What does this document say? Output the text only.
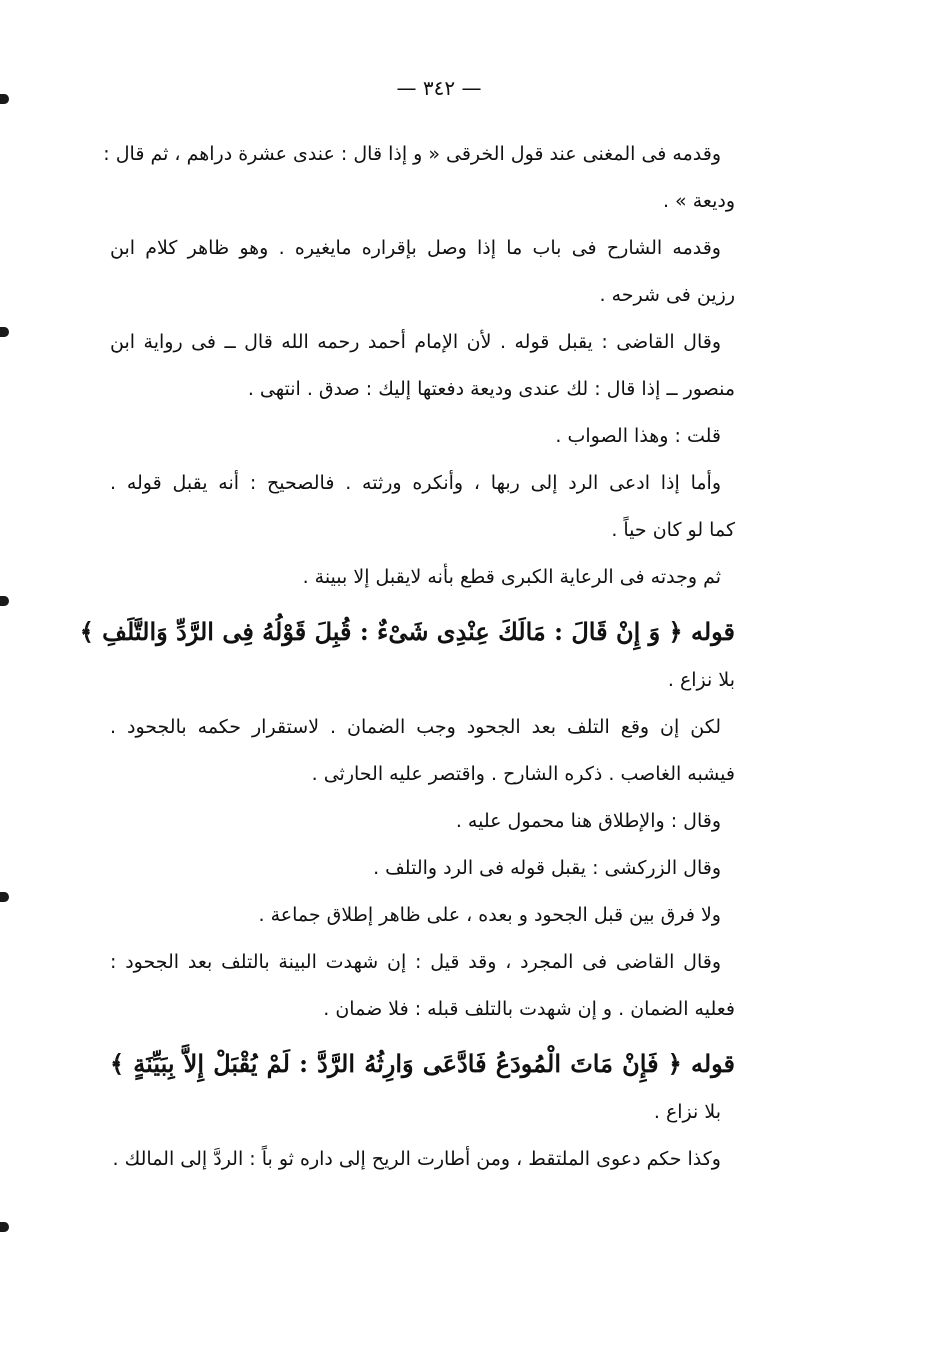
— ٣٤٢ —
وقدمه فى المغنى عند قول الخرقى « و إذا قال : عندى عشرة دراهم ، ثم قال :
وديعة » .
وقدمه الشارح فى باب ما إذا وصل بإقراره مايغيره . وهو ظاهر كلام ابن
رزين فى شرحه .
وقال القاضى : يقبل قوله . لأن الإمام أحمد رحمه الله قال ــ فى رواية ابن
منصور ــ إذا قال : لك عندى وديعة دفعتها إليك : صدق . انتهى .
قلت : وهذا الصواب .
وأما إذا ادعى الرد إلى ربها ، وأنكره ورثته . فالصحيح : أنه يقبل قوله .
كما لو كان حياً .
ثم وجدته فى الرعاية الكبرى قطع بأنه لايقبل إلا ببينة .
قوله ﴿ وَ إِنْ قَالَ : مَالَكَ عِنْدِى شَىْءٌ : قُبِلَ قَوْلُهُ فِى الرَّدِّ وَالتَّلَفِ ﴾
بلا نزاع .
لكن إن وقع التلف بعد الجحود وجب الضمان . لاستقرار حكمه بالجحود .
فيشبه الغاصب . ذكره الشارح . واقتصر عليه الحارثى .
وقال : والإطلاق هنا محمول عليه .
وقال الزركشى : يقبل قوله فى الرد والتلف .
ولا فرق بين قبل الجحود و بعده ، على ظاهر إطلاق جماعة .
وقال القاضى فى المجرد ، وقد قيل : إن شهدت البينة بالتلف بعد الجحود :
فعليه الضمان . و إن شهدت بالتلف قبله : فلا ضمان .
قوله ﴿ فَإِنْ مَاتَ الْمُودَعُ فَادَّعَى وَارِثُهُ الرَّدَّ : لَمْ يُقْبَلْ إِلاَّ بِبَيِّنَةٍ ﴾
بلا نزاع .
وكذا حكم دعوى الملتقط ، ومن أطارت الريح إلى داره ثو باً : الردَّ إلى المالك .
